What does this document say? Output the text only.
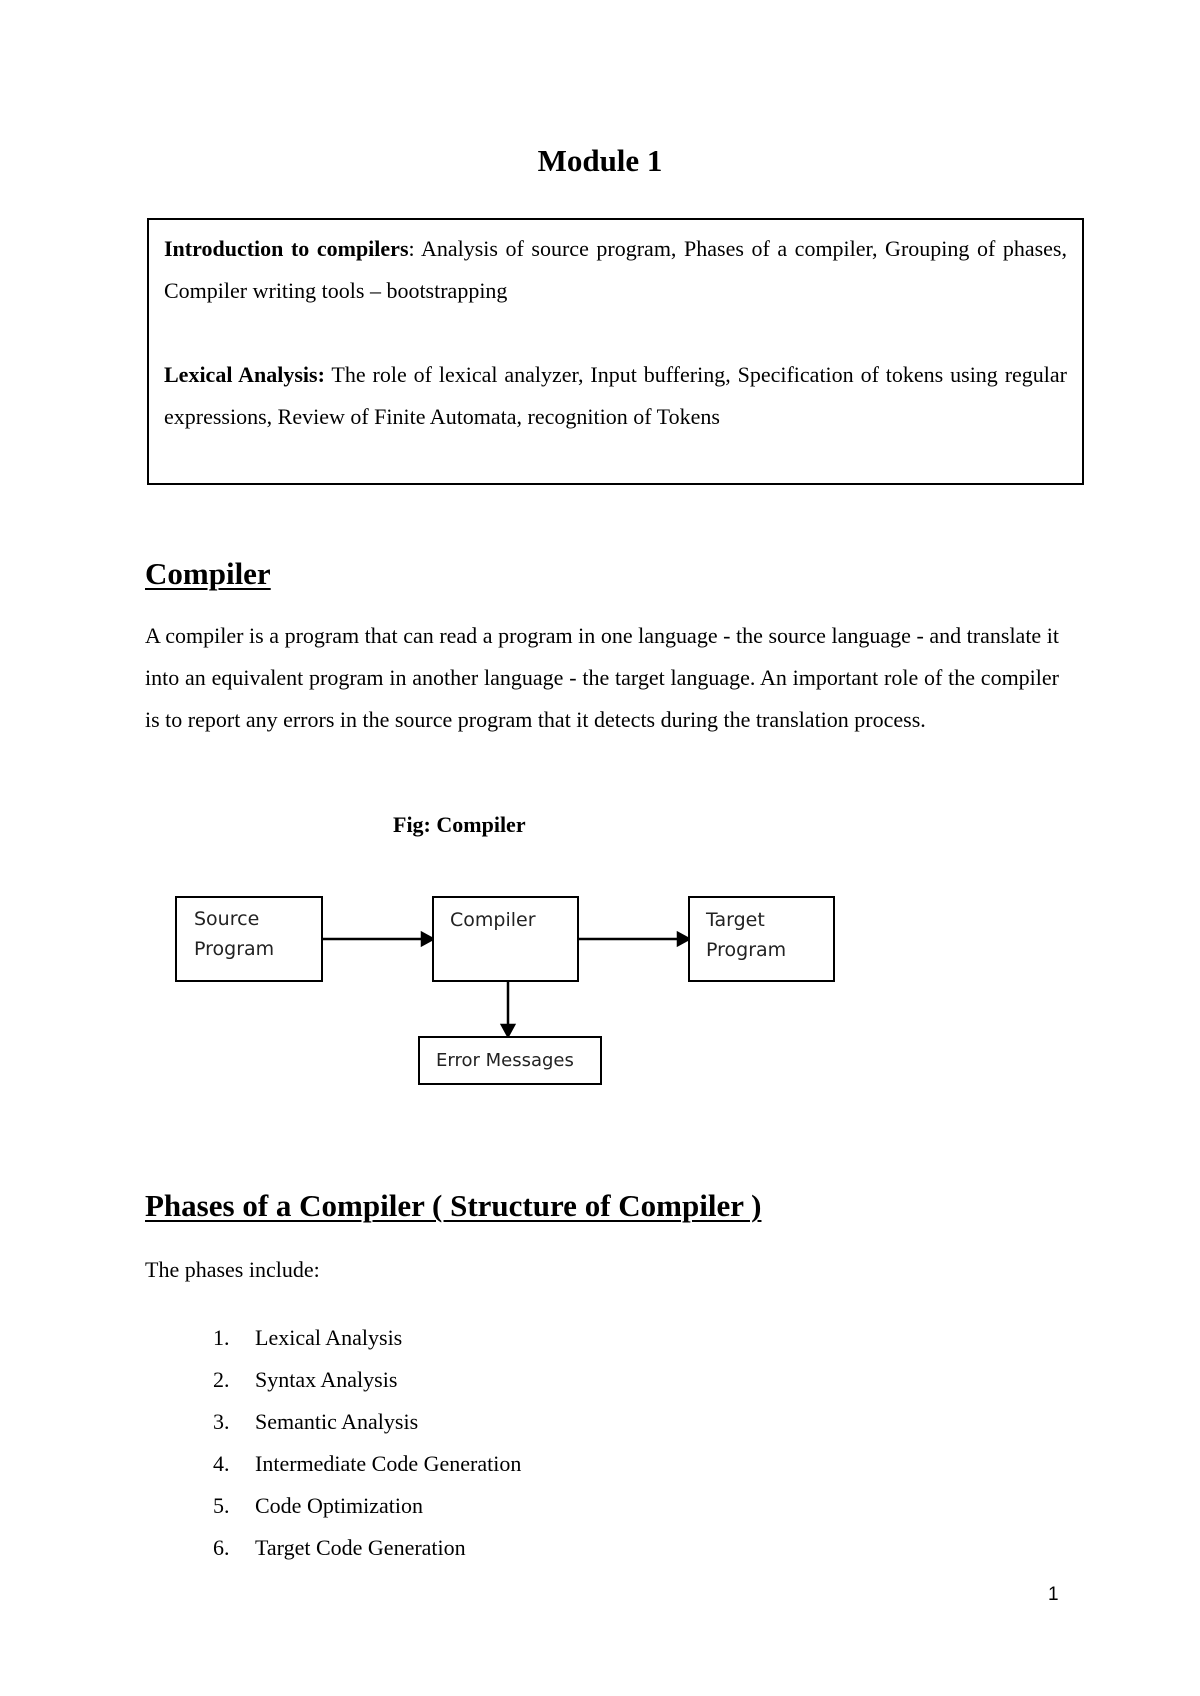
Module 1

Introduction to compilers: Analysis of source program, Phases of a compiler, Grouping of phases, Compiler writing tools – bootstrapping

Lexical Analysis: The role of lexical analyzer, Input buffering, Specification of tokens using regular expressions, Review of Finite Automata, recognition of Tokens

Compiler

A compiler is a program that can read a program in one language - the source language - and translate it into an equivalent program in another language - the target language. An important role of the compiler is to report any errors in the source program that it detects during the translation process.

Fig: Compiler

Source
Program
Compiler	Target
Program
Error Messages
Phases of a Compiler ( Structure of Compiler )

The phases include:

1. Lexical Analysis
2. Syntax Analysis
3. Semantic Analysis
4. Intermediate Code Generation
5. Code Optimization
6. Target Code Generation

1
